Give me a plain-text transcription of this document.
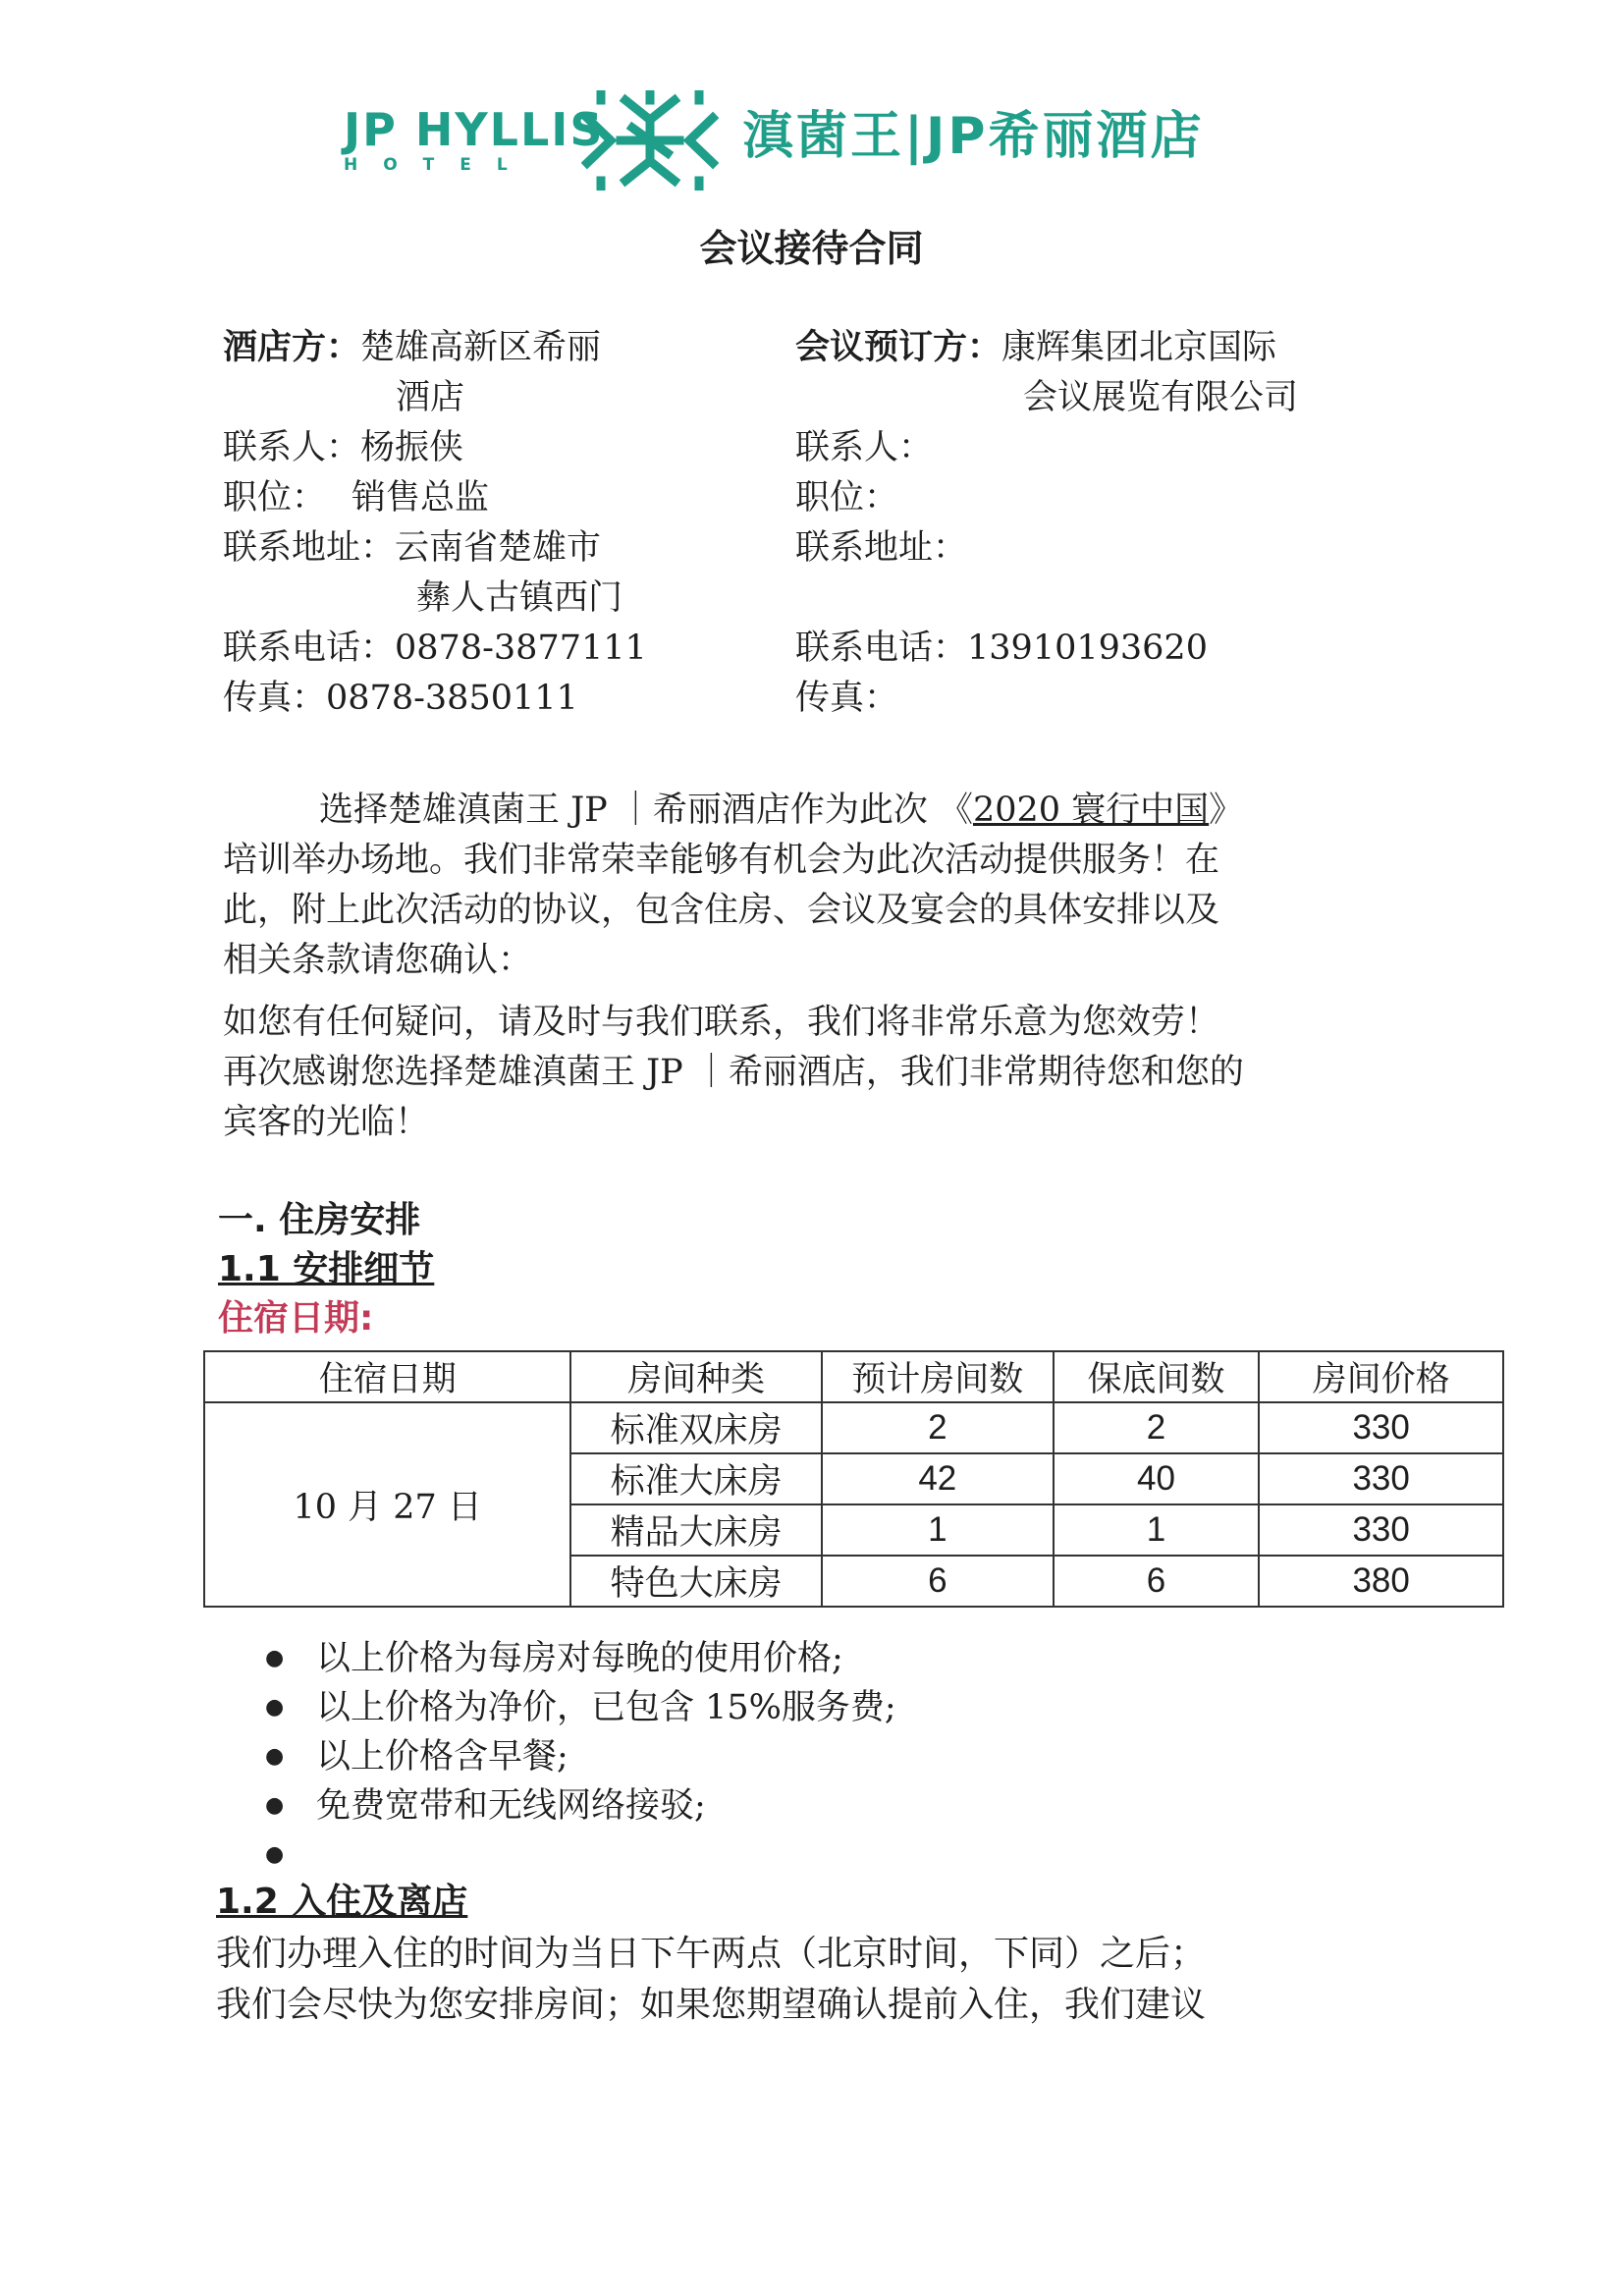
JP HYLLIS
HOTEL	滇菌王|JP希丽酒店
会议接待合同
酒店方：楚雄高新区希丽
酒店
联系人：杨振侠
职位： 销售总监
联系地址：云南省楚雄市
彝人古镇西门
联系电话：0878-3877111
传真：0878-3850111
会议预订方：康辉集团北京国际
会议展览有限公司
联系人：
职位：
联系地址：

联系电话：13910193620
传真：
选择楚雄滇菌王 JP ｜希丽酒店作为此次 《2020 寰行中国》
培训举办场地。我们非常荣幸能够有机会为此次活动提供服务！在
此，附上此次活动的协议，包含住房、会议及宴会的具体安排以及
相关条款请您确认：
如您有任何疑问，请及时与我们联系，我们将非常乐意为您效劳！
再次感谢您选择楚雄滇菌王 JP ｜希丽酒店，我们非常期待您和您的
宾客的光临！
一. 住房安排
1.1 安排细节
住宿日期:
住宿日期	房间种类	预计房间数	保底间数	房间价格
10 月 27 日	标准双床房	2	2	330
	标准大床房	42	40	330
	精品大床房	1	1	330
	特色大床房	6	6	380
● 以上价格为每房对每晚的使用价格;
● 以上价格为净价，已包含 15%服务费;
● 以上价格含早餐;
● 免费宽带和无线网络接驳;
●
1.2 入住及离店
我们办理入住的时间为当日下午两点（北京时间，下同）之后；
我们会尽快为您安排房间；如果您期望确认提前入住，我们建议
